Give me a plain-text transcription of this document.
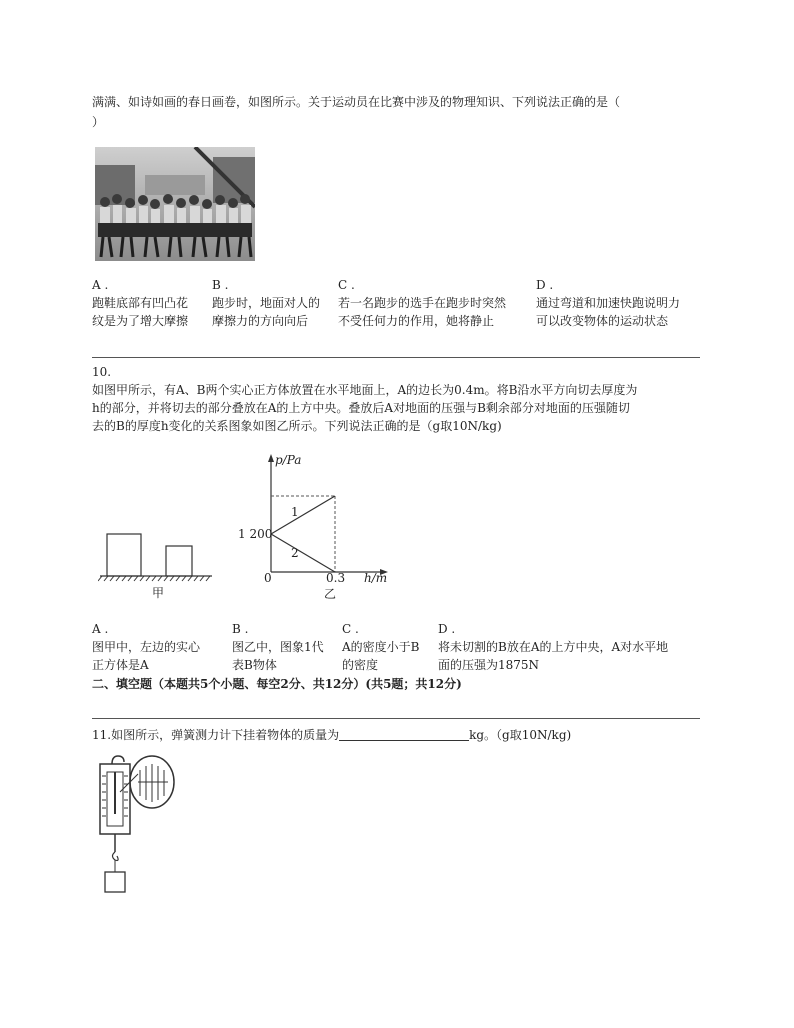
满满、如诗如画的春日画卷，如图所示。关于运动员在比赛中涉及的物理知识、下列说法正确的是（
）
A .
跑鞋底部有凹凸花
纹是为了增大摩擦
B .
跑步时，地面对人的
摩擦力的方向向后
C .
若一名跑步的选手在跑步时突然
不受任何力的作用，她将静止
D .
通过弯道和加速快跑说明力
可以改变物体的运动状态
10.
如图甲所示，有A、B两个实心正方体放置在水平地面上，A的边长为0.4m。将B沿水平方向切去厚度为
h的部分，并将切去的部分叠放在A的上方中央。叠放后A对地面的压强与B剩余部分对地面的压强随切
去的B的厚度h变化的关系图象如图乙所示。下列说法正确的是（g取10N/kg)
甲
p/Pa
1 200
1
2
0	0.3 h/m
乙
A .
图甲中，左边的实心
正方体是A
B .
图乙中，图象1代
表B物体
C .
A的密度小于B
的密度
D .
将未切割的B放在A的上方中央，A对水平地
面的压强为1875N
二、填空题（本题共5个小题、每空2分、共12分）(共5题；共12分)
11.如图所示，弹簧测力计下挂着物体的质量为	kg。（g取10N/kg)
